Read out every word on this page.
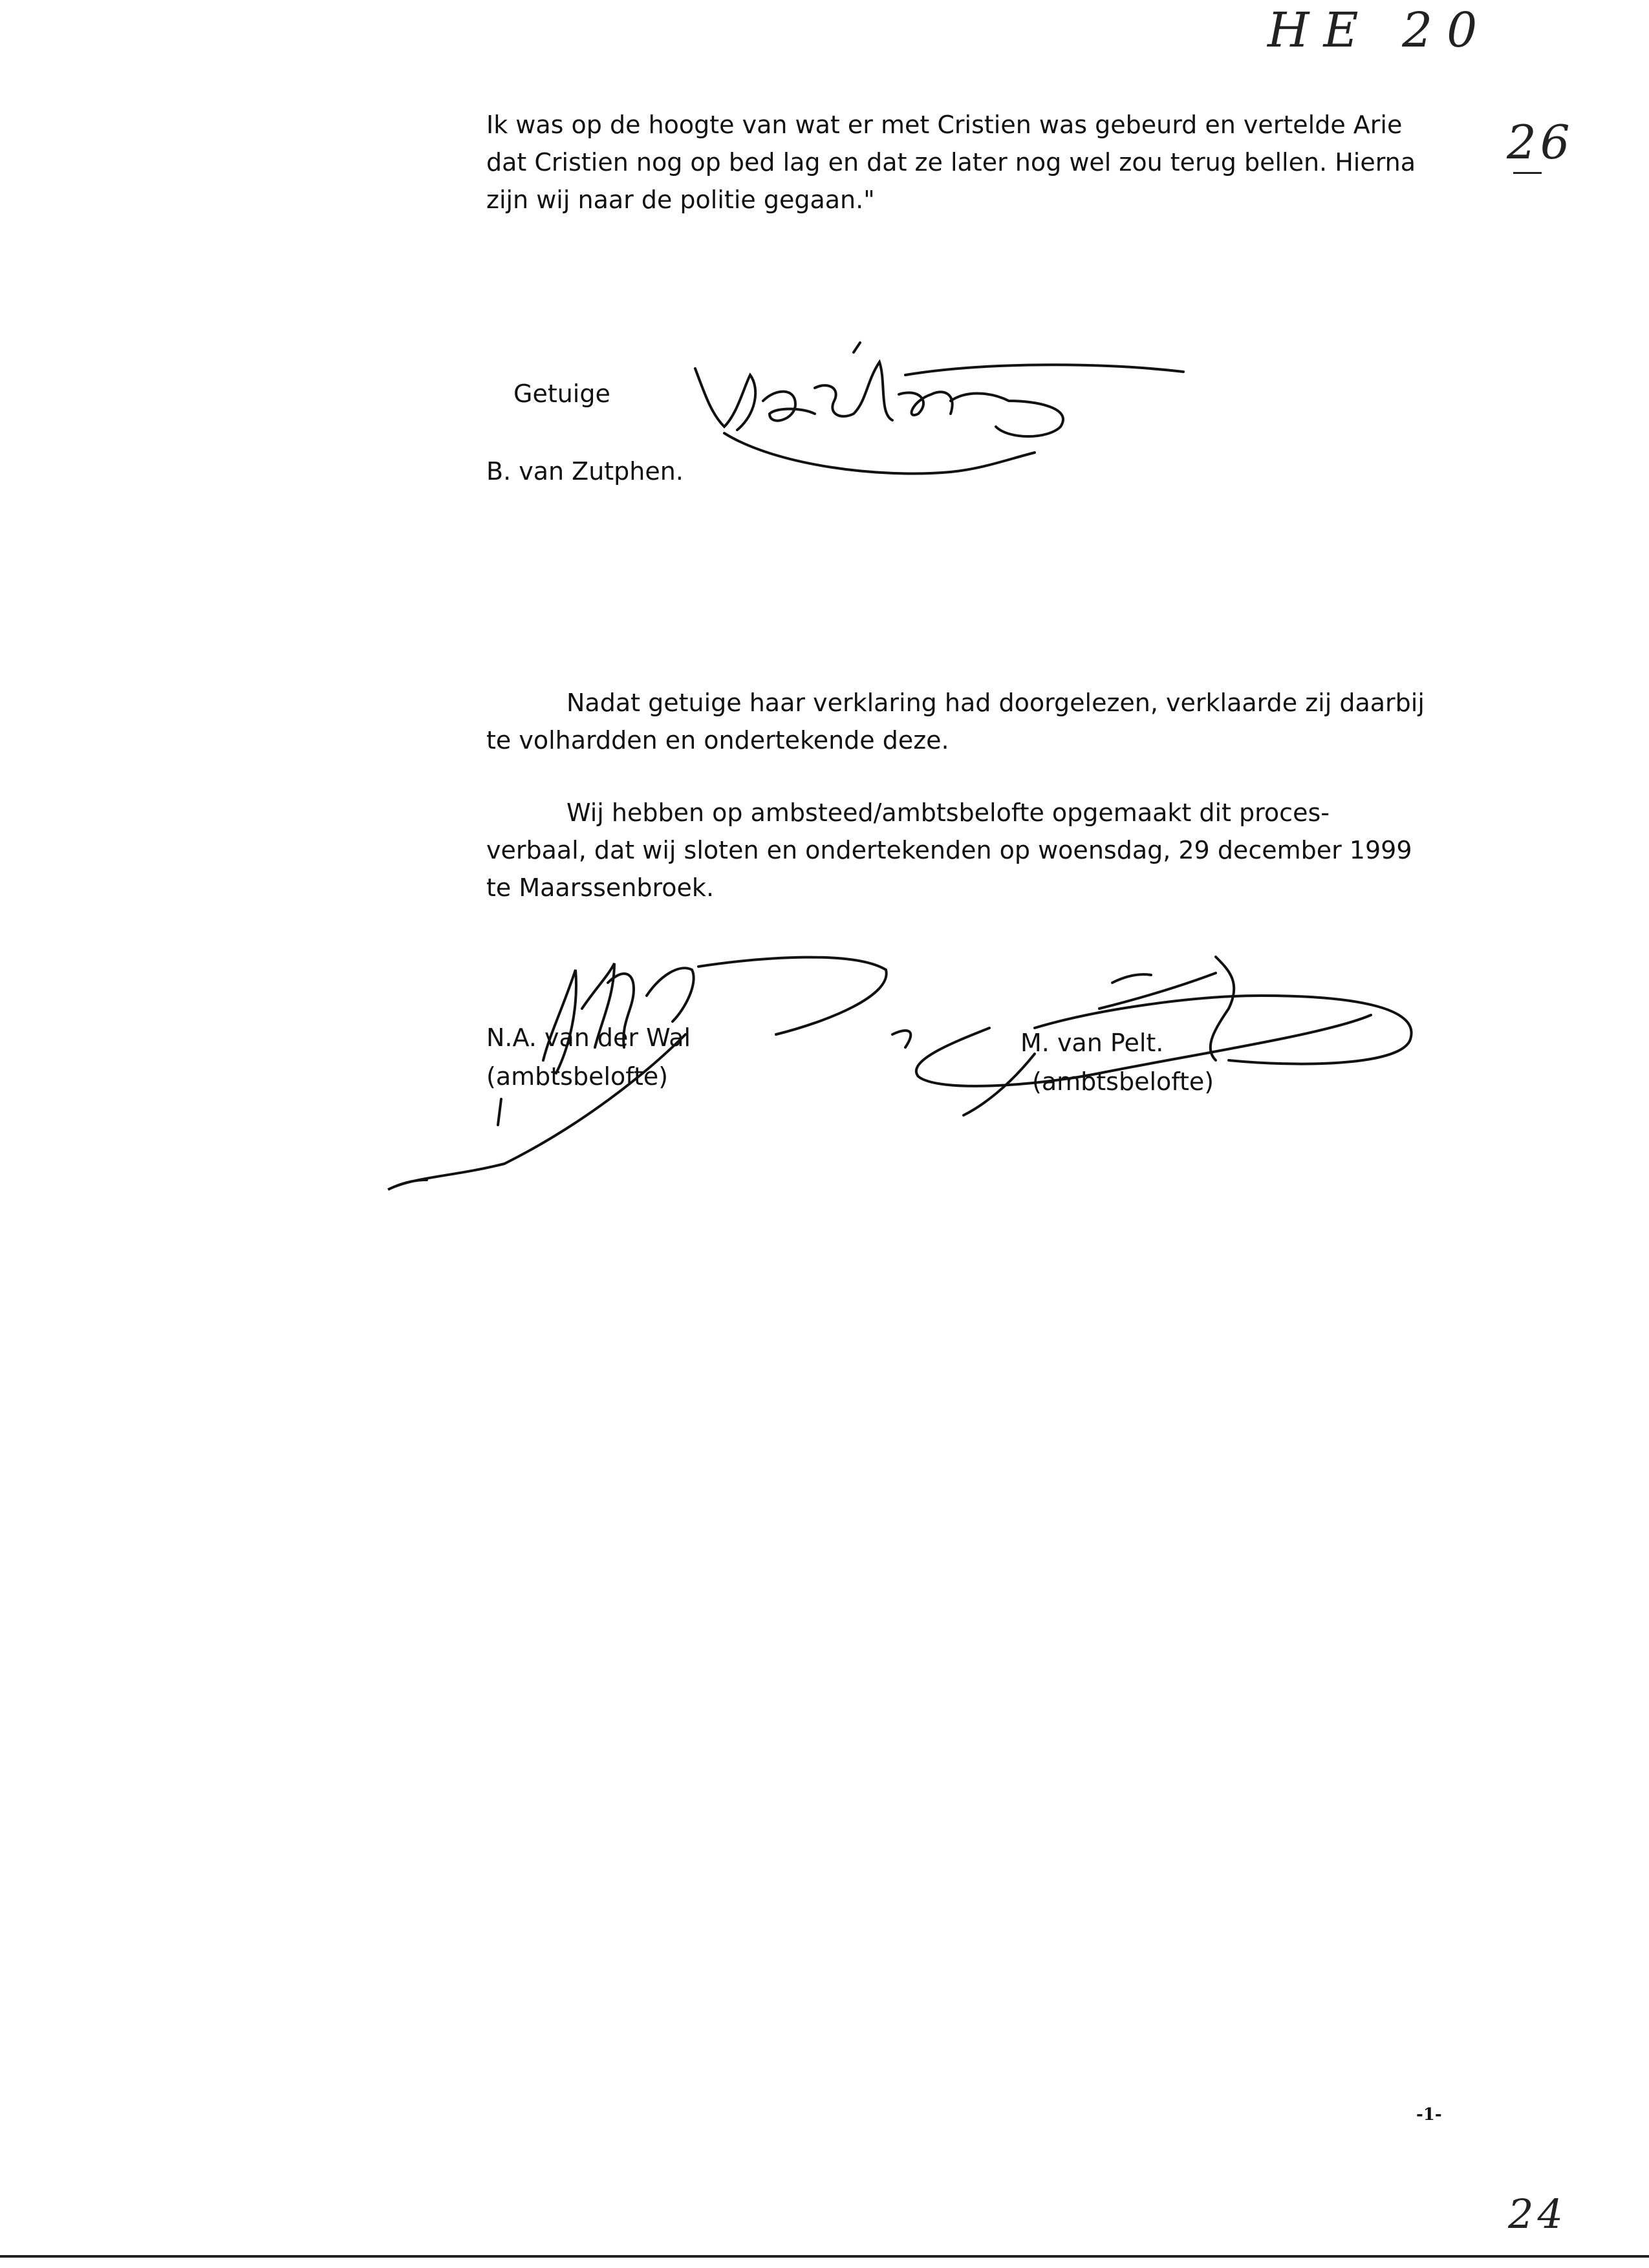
HE 20
26
Ik was op de hoogte van wat er met Cristien was gebeurd en vertelde Arie
dat Cristien nog op bed lag en dat ze later nog wel zou terug bellen. Hierna
zijn wij naar de politie gegaan."
Getuige
B. van Zutphen.
Nadat getuige haar verklaring had doorgelezen, verklaarde zij daarbij
te volhardden en ondertekende deze.
Wij hebben op ambsteed/ambtsbelofte opgemaakt dit proces-
verbaal, dat wij sloten en ondertekenden op woensdag, 29 december 1999
te Maarssenbroek.
N.A. van der Wal
(ambtsbelofte)
M. van Pelt.
(ambtsbelofte)
-1-
24
